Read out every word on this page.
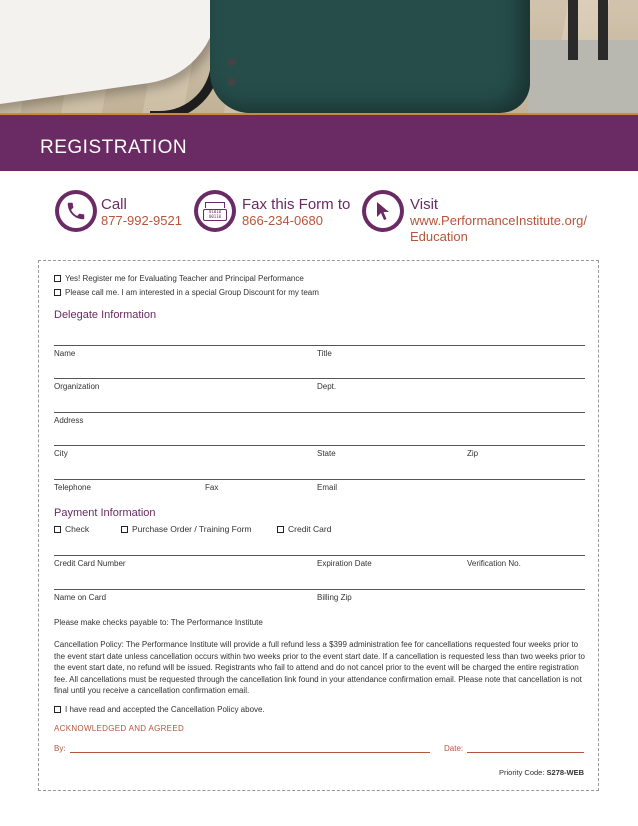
REGISTRATION
Call
877-992-9521
01010
00110
Fax this Form to
866-234-0680
Visit
www.PerformanceInstitute.org/
Education
Yes! Register me for Evaluating Teacher and Principal Performance
Please call me. I am interested in a special Group Discount for my team
Delegate Information
Name	Title
Organization	Dept.
Address
City	State	Zip
Telephone	Fax	Email
Payment Information
Check	Purchase Order / Training Form	Credit Card
Credit Card Number	Expiration Date	Verification No.
Name on Card	Billing Zip
Please make checks payable to: The Performance Institute
Cancellation Policy: The Performance Institute will provide a full refund less a $399 administration fee for cancellations requested four weeks prior to the event start date unless cancellation occurs within two weeks prior to the event start date. If a cancellation is requested less than two weeks prior to the event start date, no refund will be issued. Registrants who fail to attend and do not cancel prior to the event will be charged the entire registration fee. All cancellations must be requested through the cancellation link found in your attendance confirmation email. Please note that cancellation is not final until you receive a cancellation confirmation email.
I have read and accepted the Cancellation Policy above.
ACKNOWLEDGED AND AGREED
By:	Date:
Priority Code: S278-WEB
